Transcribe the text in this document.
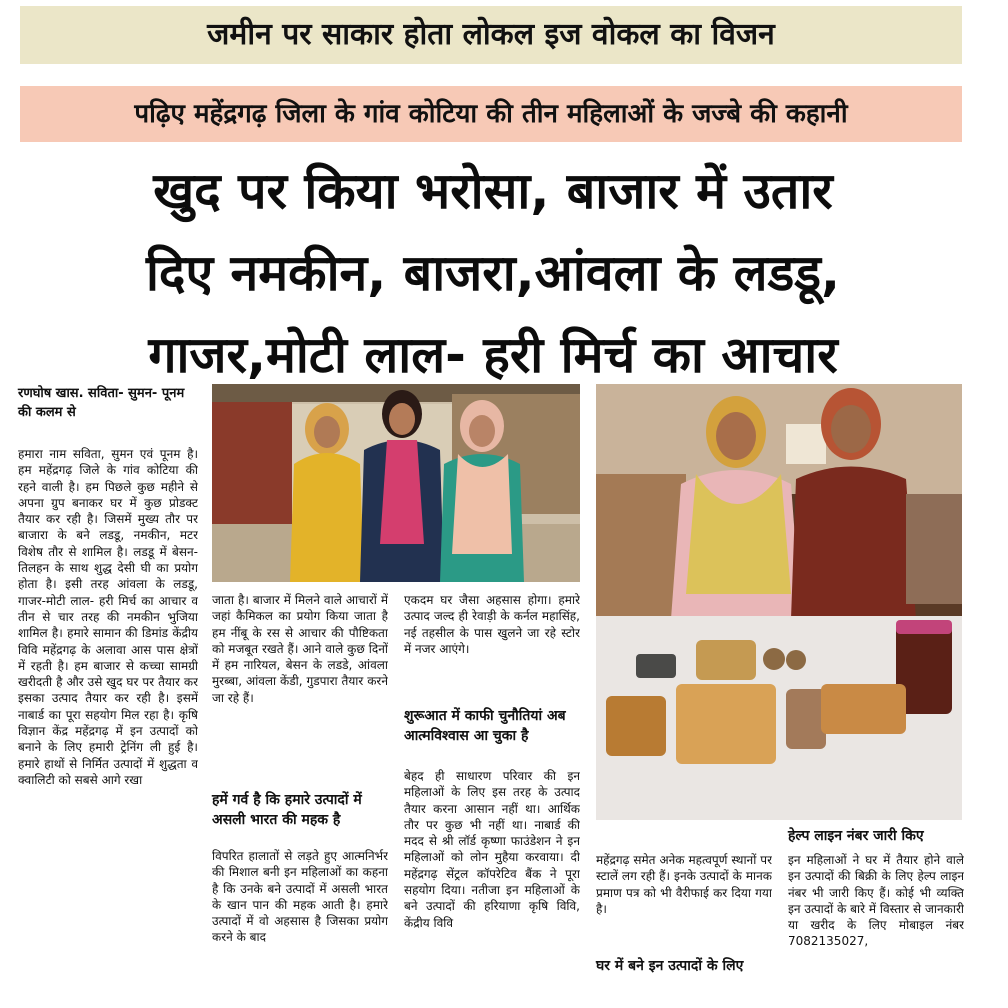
जमीन पर साकार होता लोकल इज वोकल का विजन
पढ़िए महेंद्रगढ़ जिला के गांव कोटिया की तीन महिलाओं के जज्बे की कहानी
खुद पर किया भरोसा, बाजार में उतार
दिए नमकीन, बाजरा,आंवला के लडडू,
गाजर,मोटी लाल- हरी मिर्च का आचार
रणघोष खास. सविता- सुमन- पूनम की कलम से
हमारा नाम सविता, सुमन एवं पूनम है। हम महेंद्रगढ़ जिले के गांव कोटिया की रहने वाली है। हम पिछले कुछ महीने से अपना ग्रुप बनाकर घर में कुछ प्रोडक्ट तैयार कर रही है। जिसमें मुख्य तौर पर बाजारा के बने लडडू, नमकीन, मटर विशेष तौर से शामिल है। लडडू में बेसन-तिलहन के साथ शुद्ध देसी घी का प्रयोग होता है। इसी तरह आंवला के लडडू, गाजर-मोटी लाल- हरी मिर्च का आचार व तीन से चार तरह की नमकीन भुजिया शामिल है। हमारे सामान की डिमांड केंद्रीय विवि महेंद्रगढ़ के अलावा आस पास क्षेत्रों में रहती है। हम बाजार से कच्चा सामग्री खरीदती है और उसे खुद घर पर तैयार कर इसका उत्पाद तैयार कर रही है। इसमें नाबार्ड का पूरा सहयोग मिल रहा है। कृषि विज्ञान केंद्र महेंद्रगढ़ में इन उत्पादों को बनाने के लिए हमारी ट्रेनिंग ली हुई है। हमारे हाथों से निर्मित उत्पादों में शुद्धता व क्वालिटी को सबसे आगे रखा
जाता है। बाजार में मिलने वाले आचारों में जहां कैमिकल का प्रयोग किया जाता है हम नींबू के रस से आचार की पौष्टिकता को मजबूत रखते हैं। आने वाले कुछ दिनों में हम नारियल, बेसन के लडडे, आंवला मुरब्बा, आंवला केंडी, गुडपारा तैयार करने जा रहे हैं।
हमें गर्व है कि हमारे उत्पादों में असली भारत की महक है
विपरित हालातों से लड़ते हुए आत्मनिर्भर की मिशाल बनी इन महिलाओं का कहना है कि उनके बने उत्पादों में असली भारत के खान पान की महक आती है। हमारे उत्पादों में वो अहसास है जिसका प्रयोग करने के बाद
एकदम घर जैसा अहसास होगा। हमारे उत्पाद जल्द ही रेवाड़ी के कर्नल महासिंह, नई तहसील के पास खुलने जा रहे स्टोर में नजर आएंगे।
शुरूआत में काफी चुनौतियां अब आत्मविश्वास आ चुका है
बेहद ही साधारण परिवार की इन महिलाओं के लिए इस तरह के उत्पाद तैयार करना आसान नहीं था। आर्थिक तौर पर कुछ भी नहीं था। नाबार्ड की मदद से श्री लॉर्ड कृष्णा फाउंडेशन ने इन महिलाओं को लोन मुहैया करवाया। दी महेंद्रगढ़ सेंट्रल कॉपरेटिव बैंक ने पूरा सहयोग दिया। नतीजा इन महिलाओं के बने उत्पादों की हरियाणा कृषि विवि, केंद्रीय विवि
हेल्प लाइन नंबर जारी किए
महेंद्रगढ़ समेत अनेक महत्वपूर्ण स्थानों पर स्टालें लग रही हैं। इनके उत्पादों के मानक प्रमाण पत्र को भी वैरीफाई कर दिया गया है।
घर में बने इन उत्पादों के लिए
इन महिलाओं ने घर में तैयार होने वाले इन उत्पादों की बिक्री के लिए हेल्प लाइन नंबर भी जारी किए हैं। कोई भी व्यक्ति इन उत्पादों के बारे में विस्तार से जानकारी या खरीद के लिए मोबाइल नंबर 7082135027,
